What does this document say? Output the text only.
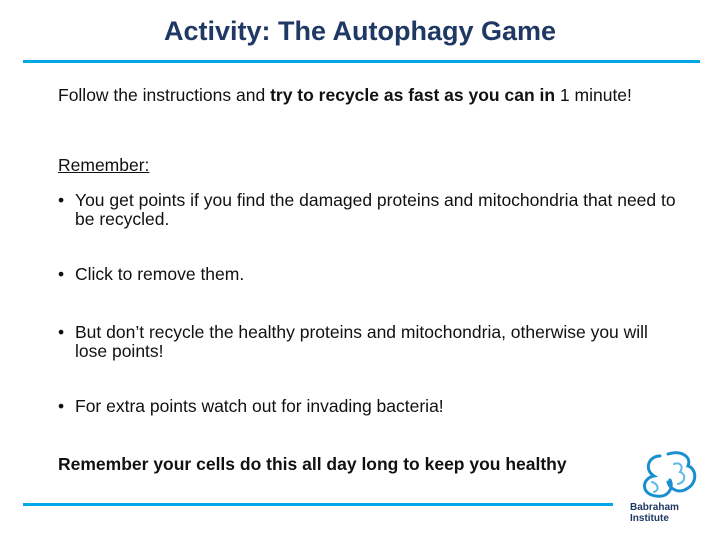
Activity: The Autophagy Game
Follow the instructions and try to recycle as fast as you can in 1 minute!
Remember:
• You get points if you find the damaged proteins and mitochondria that need to be recycled.
• Click to remove them.
• But don’t recycle the healthy proteins and mitochondria, otherwise you will lose points!
• For extra points watch out for invading bacteria!
Remember your cells do this all day long to keep you healthy
Babraham
Institute
